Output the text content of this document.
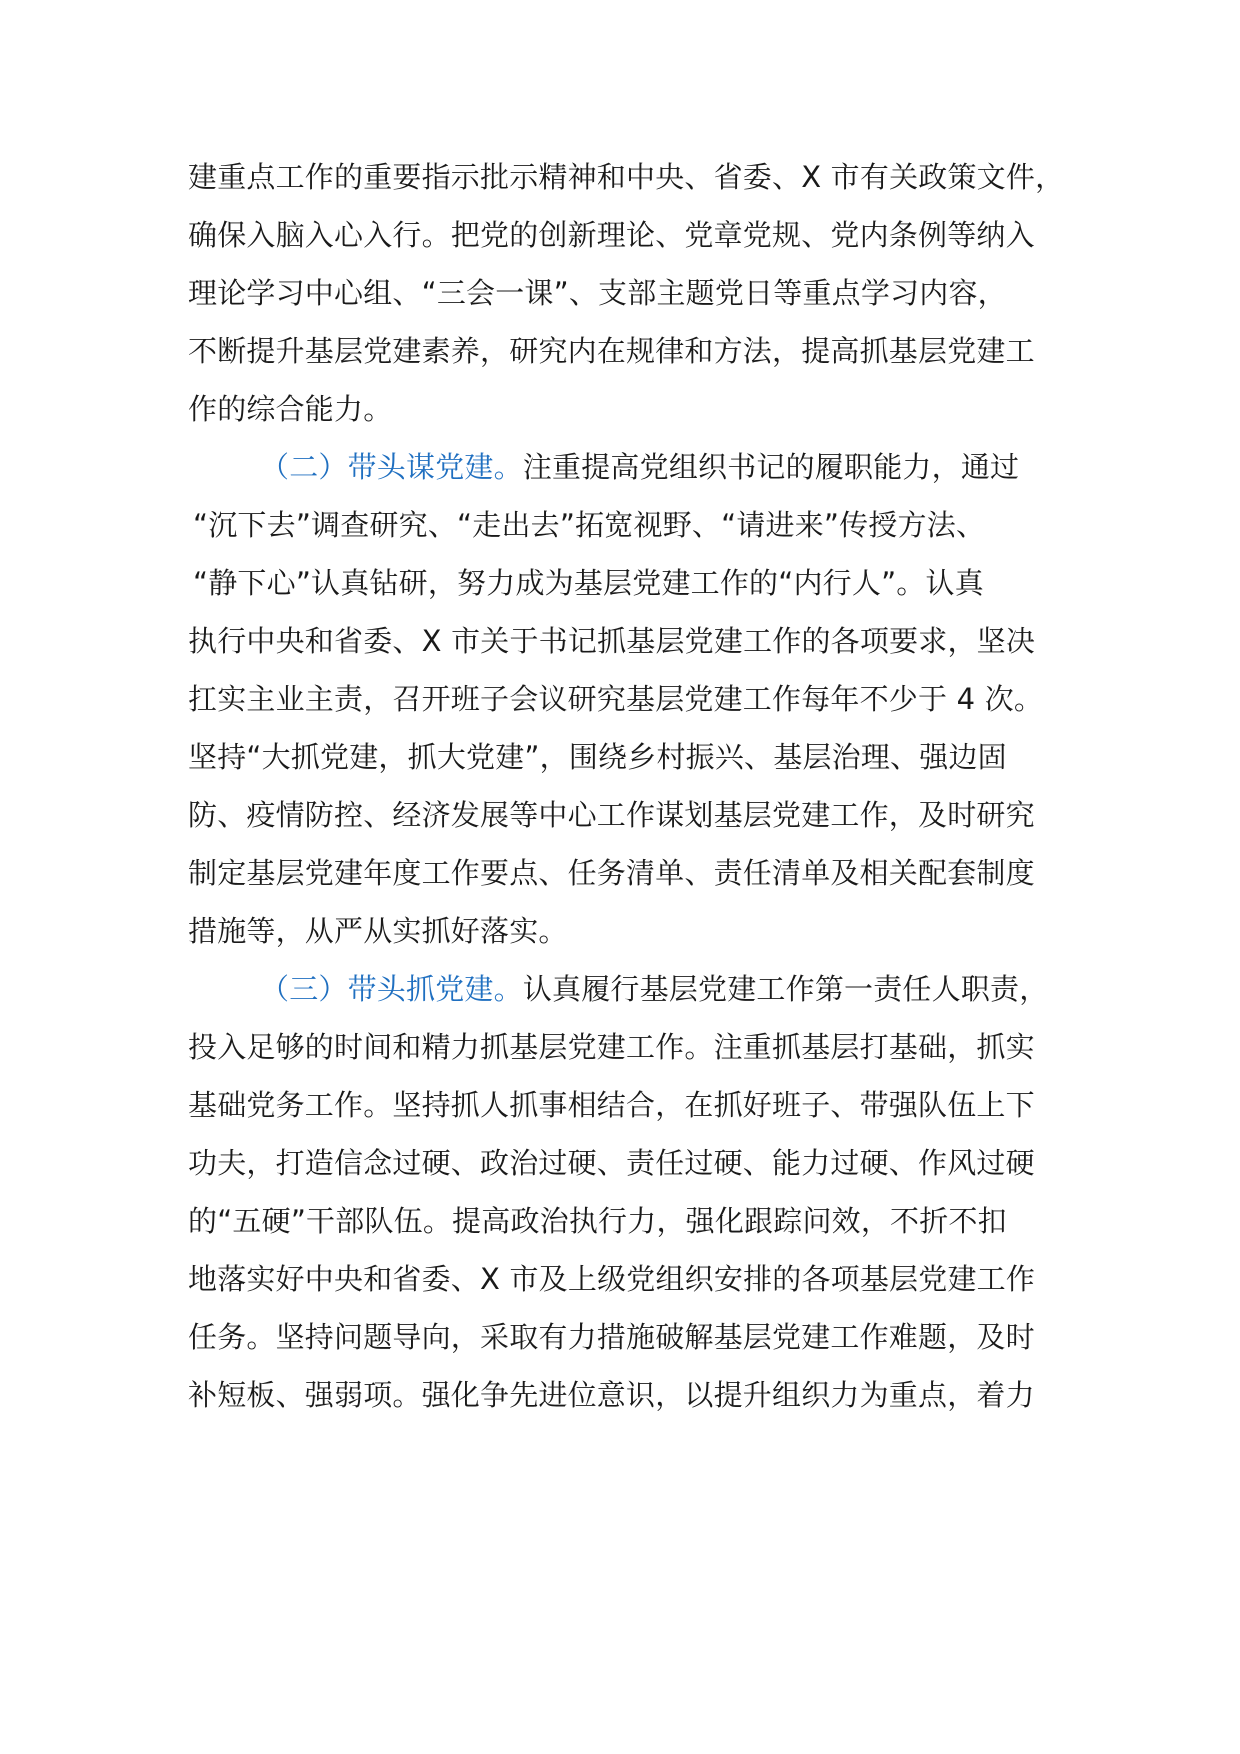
建重点工作的重要指示批示精神和中央、省委、X 市有关政策文件，
确保入脑入心入行。把党的创新理论、党章党规、党内条例等纳入
理论学习中心组、“三会一课”、支部主题党日等重点学习内容，
不断提升基层党建素养，研究内在规律和方法，提高抓基层党建工
作的综合能力。
（二）带头谋党建。注重提高党组织书记的履职能力，通过
“沉下去”调查研究、“走出去”拓宽视野、“请进来”传授方法、
“静下心”认真钻研，努力成为基层党建工作的“内行人”。认真
执行中央和省委、X 市关于书记抓基层党建工作的各项要求，坚决
扛实主业主责，召开班子会议研究基层党建工作每年不少于 4 次。
坚持“大抓党建，抓大党建”，围绕乡村振兴、基层治理、强边固
防、疫情防控、经济发展等中心工作谋划基层党建工作，及时研究
制定基层党建年度工作要点、任务清单、责任清单及相关配套制度
措施等，从严从实抓好落实。
（三）带头抓党建。认真履行基层党建工作第一责任人职责，
投入足够的时间和精力抓基层党建工作。注重抓基层打基础，抓实
基础党务工作。坚持抓人抓事相结合，在抓好班子、带强队伍上下
功夫，打造信念过硬、政治过硬、责任过硬、能力过硬、作风过硬
的“五硬”干部队伍。提高政治执行力，强化跟踪问效，不折不扣
地落实好中央和省委、X 市及上级党组织安排的各项基层党建工作
任务。坚持问题导向，采取有力措施破解基层党建工作难题，及时
补短板、强弱项。强化争先进位意识，以提升组织力为重点，着力
